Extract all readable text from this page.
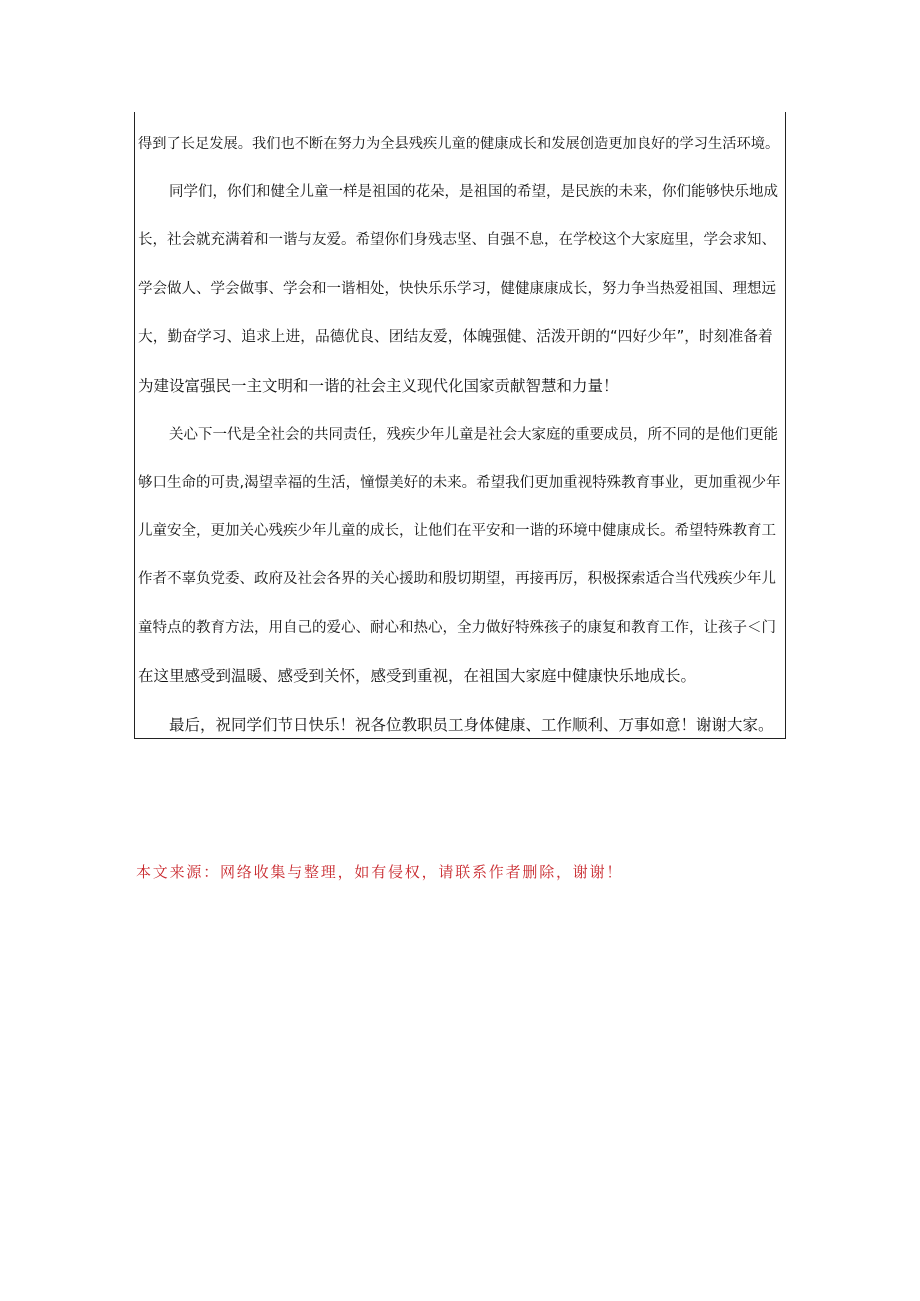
得到了长足发展。我们也不断在努力为全县残疾儿童的健康成长和发展创造更加良好的学习生活环境。
同学们，你们和健全儿童一样是祖国的花朵，是祖国的希望，是民族的未来，你们能够快乐地成
长，社会就充满着和一谐与友爱。希望你们身残志坚、自强不息，在学校这个大家庭里，学会求知、
学会做人、学会做事、学会和一谐相处，快快乐乐学习，健健康康成长，努力争当热爱祖国、理想远
大，勤奋学习、追求上进，品德优良、团结友爱，体魄强健、活泼开朗的“四好少年”，时刻准备着
为建设富强民一主文明和一谐的社会主义现代化国家贡献智慧和力量！
关心下一代是全社会的共同责任，残疾少年儿童是社会大家庭的重要成员，所不同的是他们更能
够口生命的可贵,渴望幸福的生活，憧憬美好的未来。希望我们更加重视特殊教育事业，更加重视少年
儿童安全，更加关心残疾少年儿童的成长，让他们在平安和一谐的环境中健康成长。希望特殊教育工
作者不辜负党委、政府及社会各界的关心援助和殷切期望，再接再厉，积极探索适合当代残疾少年儿
童特点的教育方法，用自己的爱心、耐心和热心，全力做好特殊孩子的康复和教育工作，让孩子＜门
在这里感受到温暖、感受到关怀，感受到重视，在祖国大家庭中健康快乐地成长。
最后，祝同学们节日快乐！祝各位教职员工身体健康、工作顺利、万事如意！谢谢大家。
本文来源：网络收集与整理，如有侵权，请联系作者删除，谢谢！
